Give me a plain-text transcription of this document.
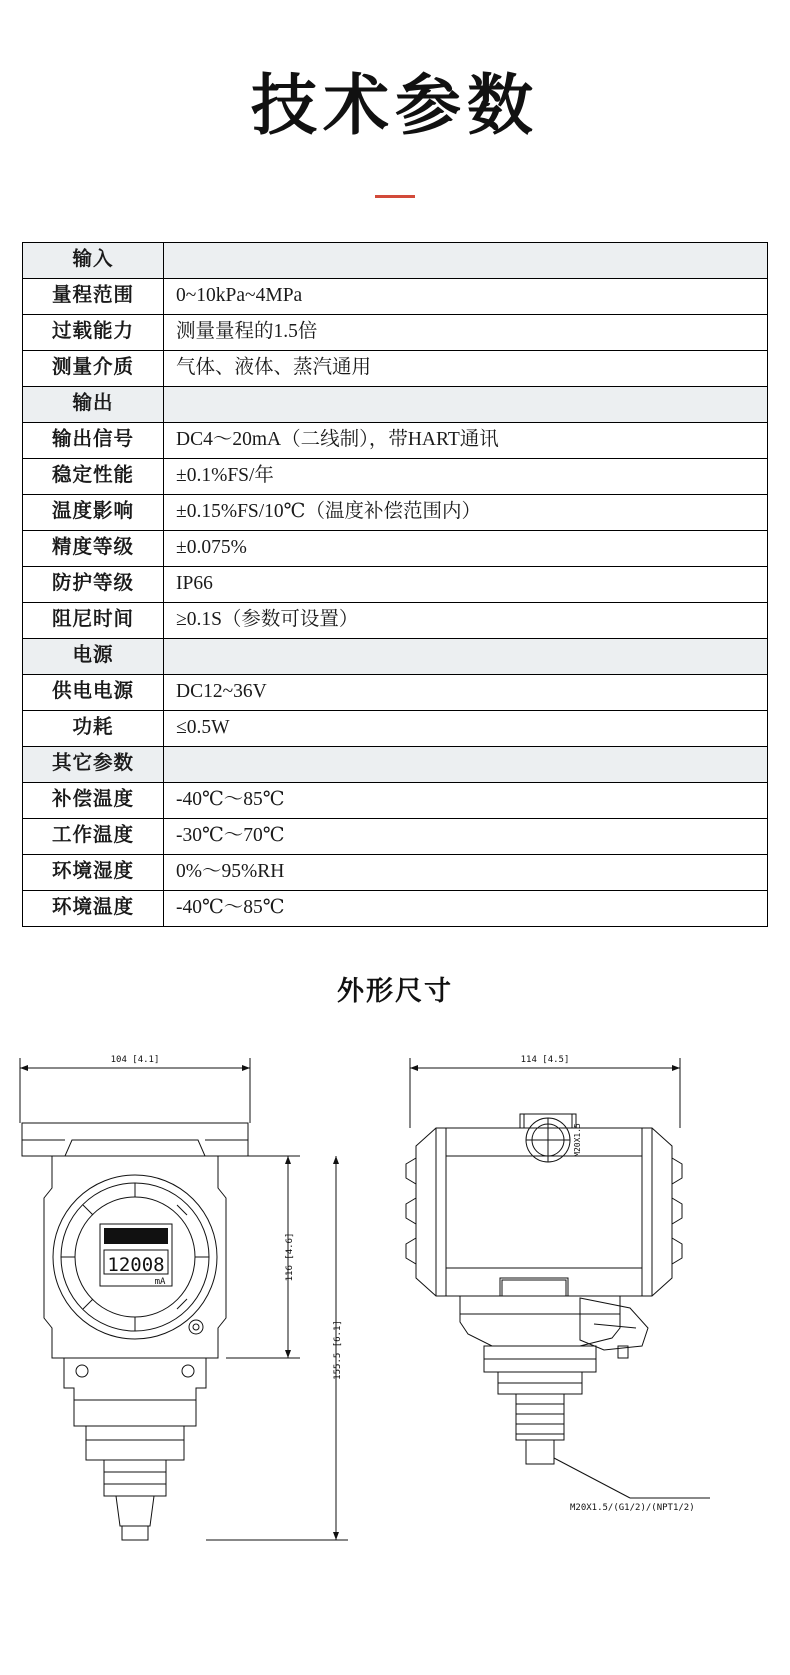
技术参数
输入	
量程范围	0~10kPa~4MPa
过载能力	测量量程的1.5倍
测量介质	气体、液体、蒸汽通用
输出	
输出信号	DC4～20mA（二线制），带HART通讯
稳定性能	±0.1%FS/年
温度影响	±0.15%FS/10℃（温度补偿范围内）
精度等级	±0.075%
防护等级	IP66
阻尼时间	≥0.1S（参数可设置）
电源	
供电电源	DC12~36V
功耗	≤0.5W
其它参数	
补偿温度	-40℃～85℃
工作温度	-30℃～70℃
环境湿度	0%～95%RH
环境温度	-40℃～85℃
外形尺寸
12008
mA
104 [4.1]
116 [4.6]
155.5 [6.1]
114 [4.5]
M20X1.5
M20X1.5/(G1/2)/(NPT1/2)
